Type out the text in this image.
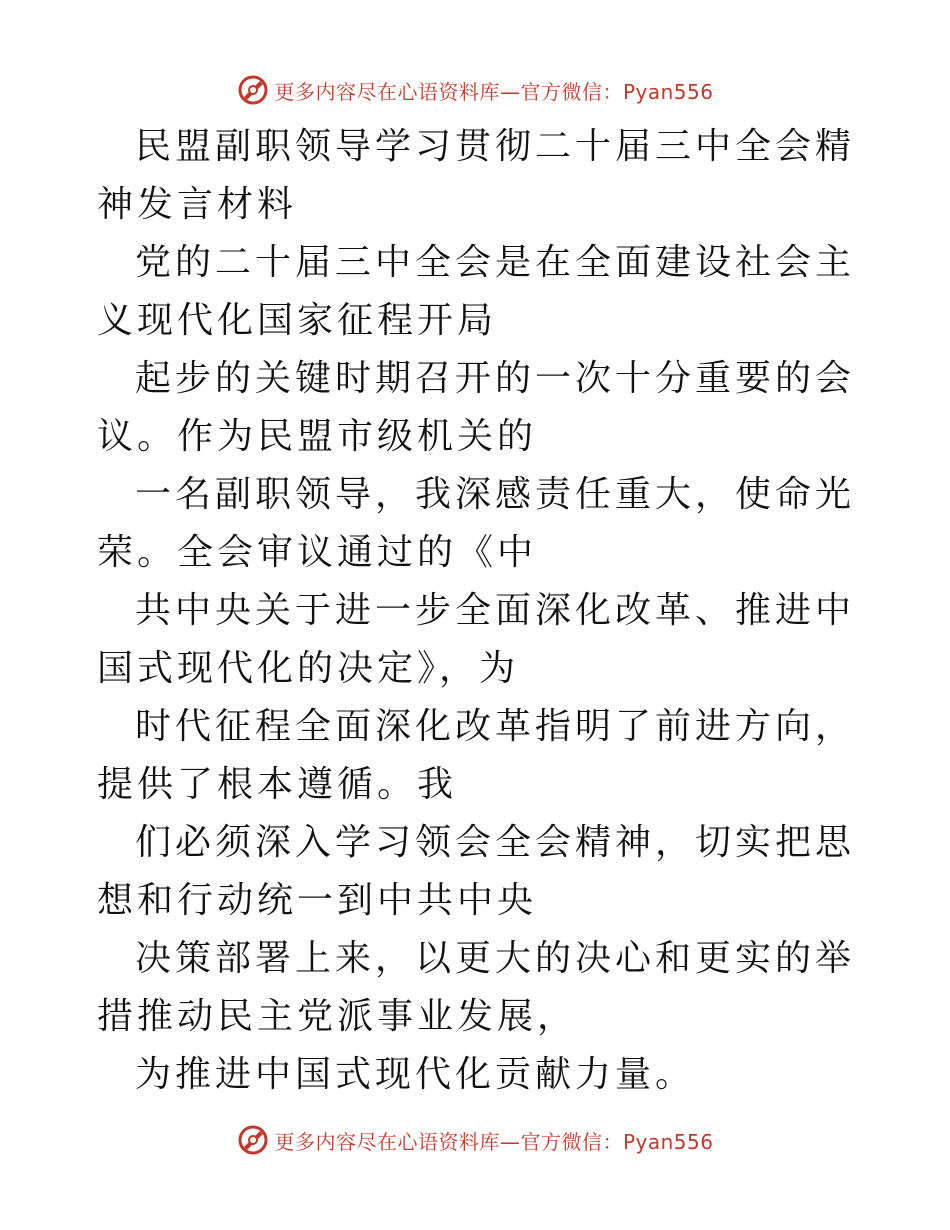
更多内容尽在心语资料库—官方微信：Pyan556

民盟副职领导学习贯彻二十届三中全会精神发言材料

党的二十届三中全会是在全面建设社会主义现代化国家征程开局

起步的关键时期召开的一次十分重要的会议。作为民盟市级机关的

一名副职领导，我深感责任重大，使命光荣。全会审议通过的《中

共中央关于进一步全面深化改革、推进中国式现代化的决定》，为

时代征程全面深化改革指明了前进方向，提供了根本遵循。我

们必须深入学习领会全会精神，切实把思想和行动统一到中共中央

决策部署上来，以更大的决心和更实的举措推动民主党派事业发展，

为推进中国式现代化贡献力量。

更多内容尽在心语资料库—官方微信：Pyan556
